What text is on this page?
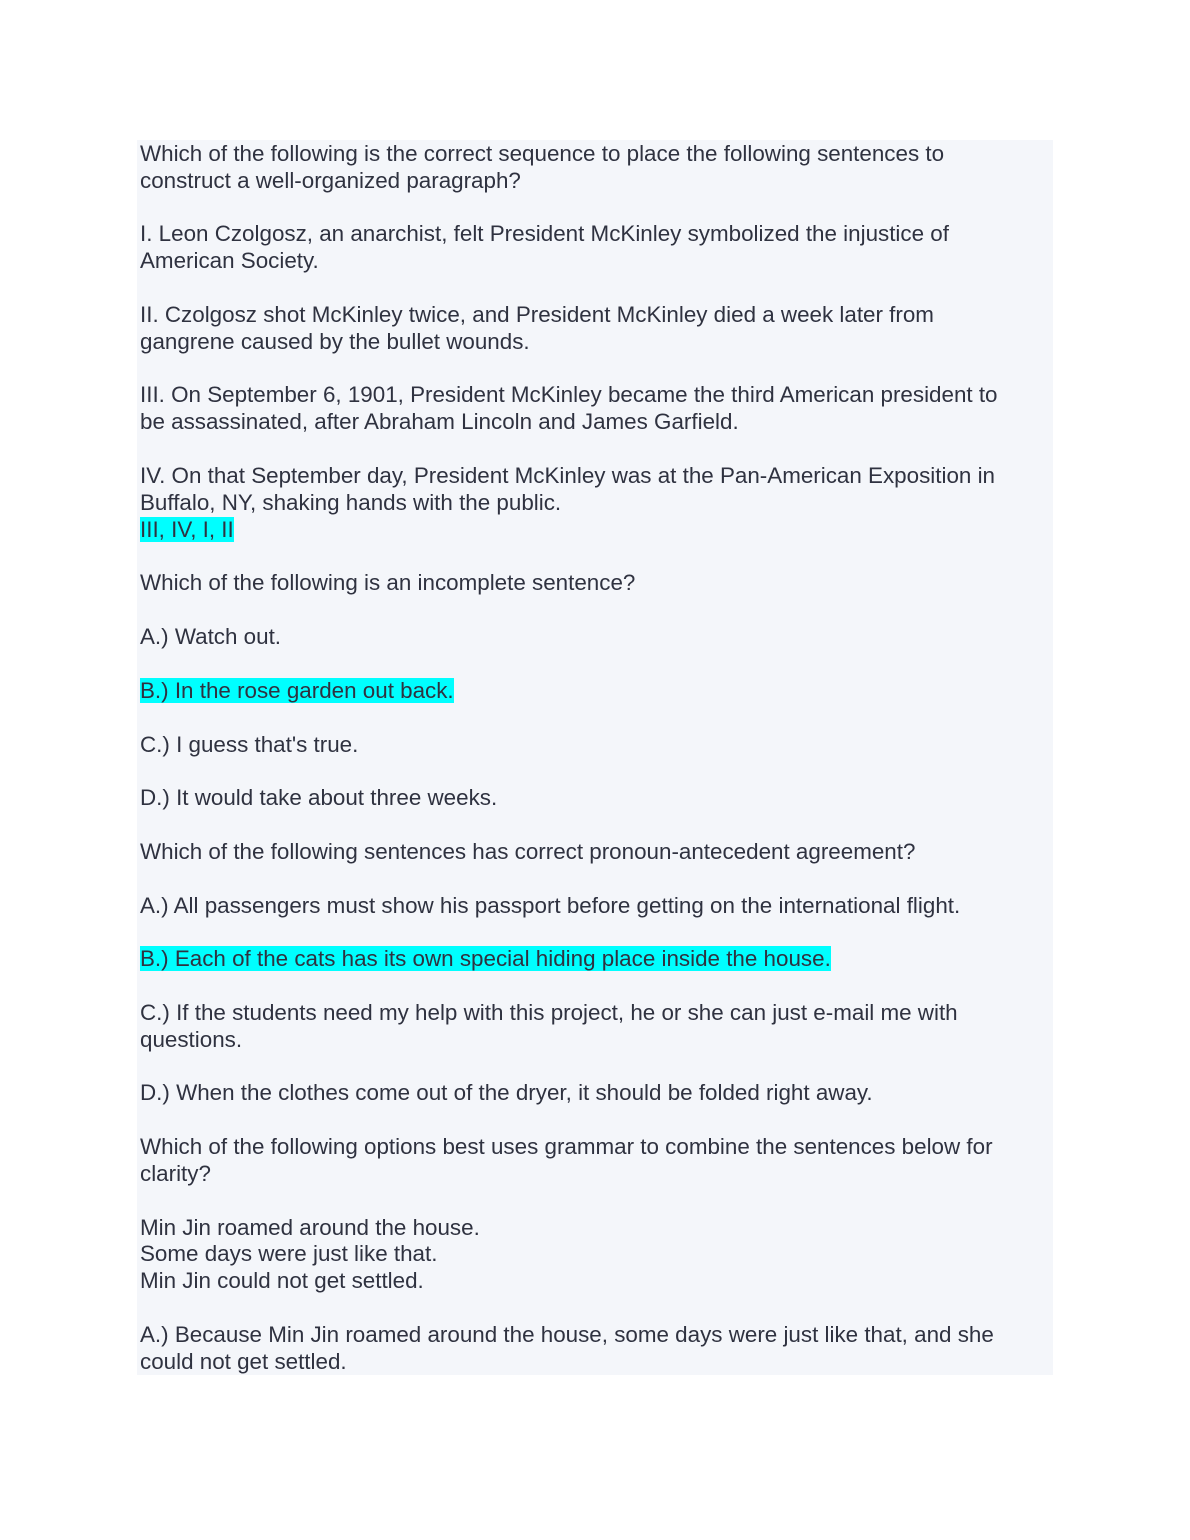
Which of the following is the correct sequence to place the following sentences to

construct a well-organized paragraph?

I. Leon Czolgosz, an anarchist, felt President McKinley symbolized the injustice of

American Society.

II. Czolgosz shot McKinley twice, and President McKinley died a week later from

gangrene caused by the bullet wounds.

III. On September 6, 1901, President McKinley became the third American president to

be assassinated, after Abraham Lincoln and James Garfield.

IV. On that September day, President McKinley was at the Pan-American Exposition in

Buffalo, NY, shaking hands with the public.

III, IV, I, II

Which of the following is an incomplete sentence?

A.) Watch out.

B.) In the rose garden out back.

C.) I guess that's true.

D.) It would take about three weeks.

Which of the following sentences has correct pronoun-antecedent agreement?

A.) All passengers must show his passport before getting on the international flight.

B.) Each of the cats has its own special hiding place inside the house.

C.) If the students need my help with this project, he or she can just e-mail me with

questions.

D.) When the clothes come out of the dryer, it should be folded right away.

Which of the following options best uses grammar to combine the sentences below for

clarity?

Min Jin roamed around the house.

Some days were just like that.

Min Jin could not get settled.

A.) Because Min Jin roamed around the house, some days were just like that, and she

could not get settled.
